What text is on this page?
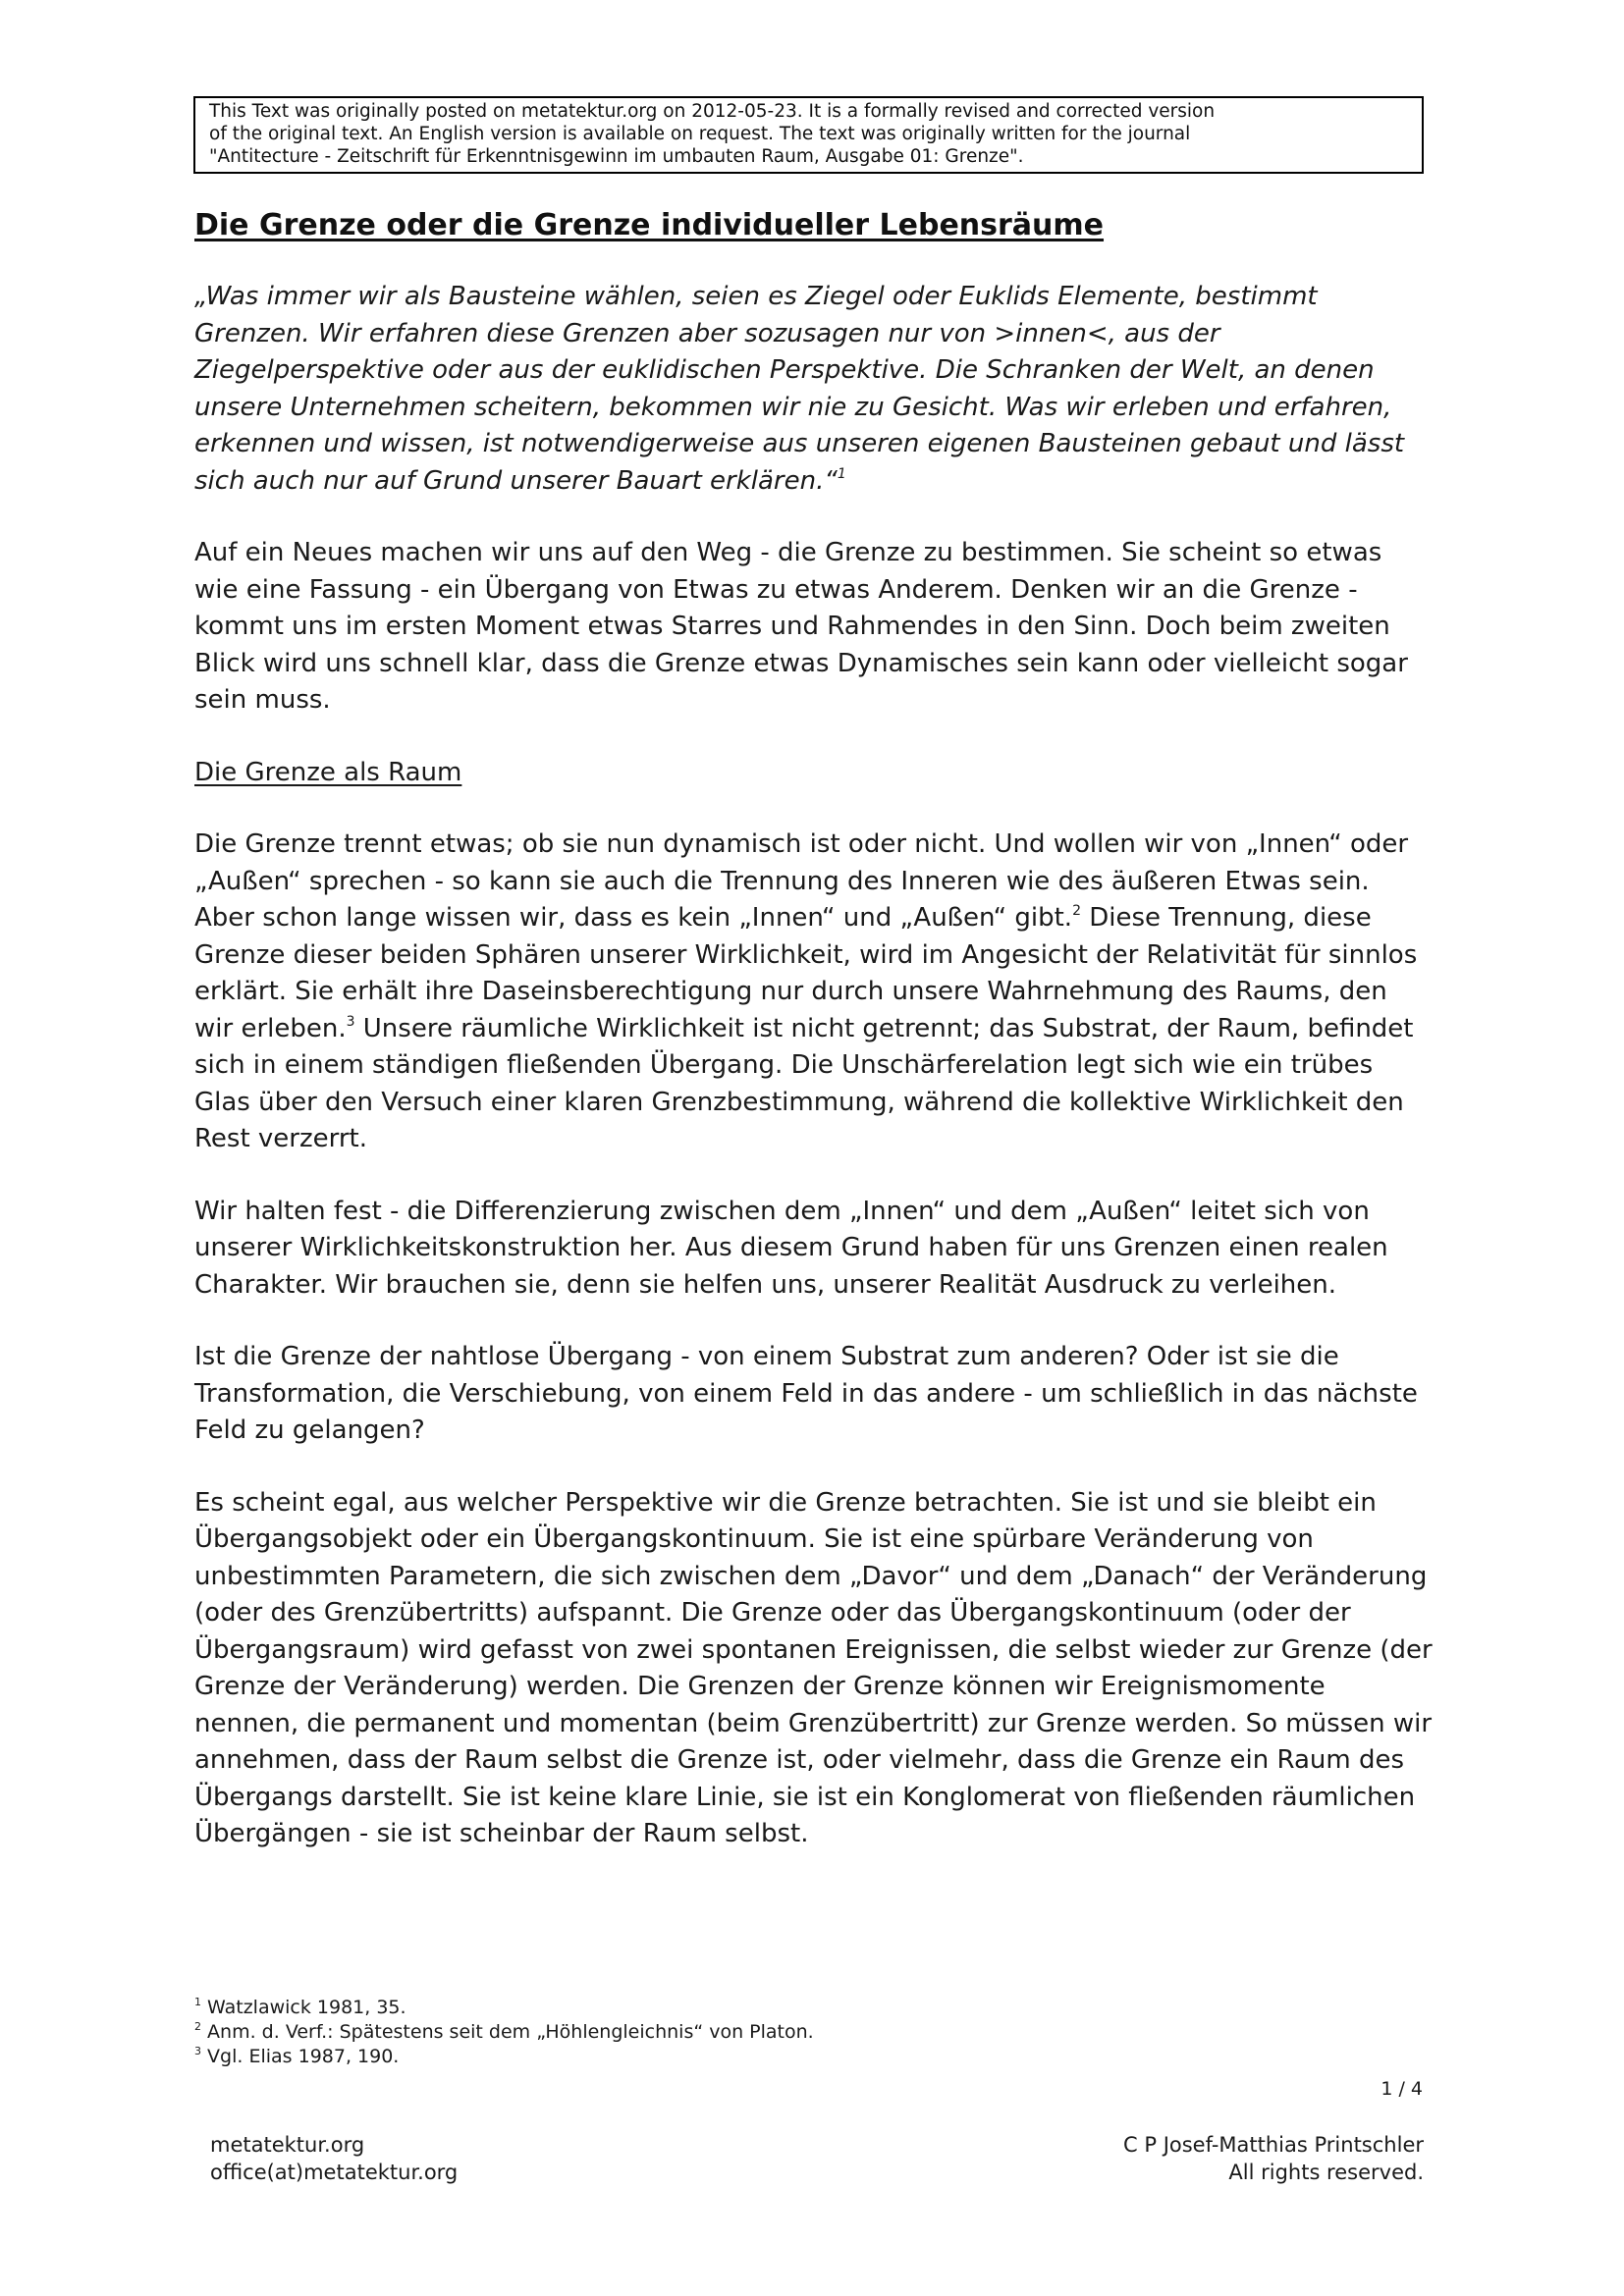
This Text was originally posted on metatektur.org on 2012-05-23. It is a formally revised and corrected version
of the original text. An English version is available on request. The text was originally written for the journal
"Antitecture - Zeitschrift für Erkenntnisgewinn im umbauten Raum, Ausgabe 01: Grenze".
Die Grenze oder die Grenze individueller Lebensräume

„Was immer wir als Bausteine wählen, seien es Ziegel oder Euklids Elemente, bestimmt Grenzen. Wir erfahren diese Grenzen aber sozusagen nur von >innen<, aus der Ziegelperspektive oder aus der euklidischen Perspektive. Die Schranken der Welt, an denen unsere Unternehmen scheitern, bekommen wir nie zu Gesicht. Was wir erleben und erfahren, erkennen und wissen, ist notwendigerweise aus unseren eigenen Bausteinen gebaut und lässt sich auch nur auf Grund unserer Bauart erklären.“$^1$

Auf ein Neues machen wir uns auf den Weg - die Grenze zu bestimmen. Sie scheint so etwas wie eine Fassung - ein Übergang von Etwas zu etwas Anderem. Denken wir an die Grenze - kommt uns im ersten Moment etwas Starres und Rahmendes in den Sinn. Doch beim zweiten Blick wird uns schnell klar, dass die Grenze etwas Dynamisches sein kann oder vielleicht sogar sein muss.

Die Grenze als Raum

Die Grenze trennt etwas; ob sie nun dynamisch ist oder nicht. Und wollen wir von „Innen“ oder „Außen“ sprechen - so kann sie auch die Trennung des Inneren wie des äußeren Etwas sein. Aber schon lange wissen wir, dass es kein „Innen“ und „Außen“ gibt.$^2$ Diese Trennung, diese Grenze dieser beiden Sphären unserer Wirklichkeit, wird im Angesicht der Relativität für sinnlos erklärt. Sie erhält ihre Daseinsberechtigung nur durch unsere Wahrnehmung des Raums, den wir erleben.$^3$ Unsere räumliche Wirklichkeit ist nicht getrennt; das Substrat, der Raum, befindet sich in einem ständigen fließenden Übergang. Die Unschärferelation legt sich wie ein trübes Glas über den Versuch einer klaren Grenzbestimmung, während die kollektive Wirklichkeit den Rest verzerrt.

Wir halten fest - die Differenzierung zwischen dem „Innen“ und dem „Außen“ leitet sich von unserer Wirklichkeitskonstruktion her. Aus diesem Grund haben für uns Grenzen einen realen Charakter. Wir brauchen sie, denn sie helfen uns, unserer Realität Ausdruck zu verleihen.

Ist die Grenze der nahtlose Übergang - von einem Substrat zum anderen? Oder ist sie die Transformation, die Verschiebung, von einem Feld in das andere - um schließlich in das nächste Feld zu gelangen?

Es scheint egal, aus welcher Perspektive wir die Grenze betrachten. Sie ist und sie bleibt ein Übergangsobjekt oder ein Übergangskontinuum. Sie ist eine spürbare Veränderung von unbestimmten Parametern, die sich zwischen dem „Davor“ und dem „Danach“ der Veränderung (oder des Grenzübertritts) aufspannt. Die Grenze oder das Übergangskontinuum (oder der Übergangsraum) wird gefasst von zwei spontanen Ereignissen, die selbst wieder zur Grenze (der Grenze der Veränderung) werden. Die Grenzen der Grenze können wir Ereignismomente nennen, die permanent und momentan (beim Grenzübertritt) zur Grenze werden. So müssen wir annehmen, dass der Raum selbst die Grenze ist, oder vielmehr, dass die Grenze ein Raum des Übergangs darstellt. Sie ist keine klare Linie, sie ist ein Konglomerat von fließenden räumlichen Übergängen - sie ist scheinbar der Raum selbst.

$^1$ Watzlawick 1981, 35.
$^2$ Anm. d. Verf.: Spätestens seit dem „Höhlengleichnis“ von Platon.
$^3$ Vgl. Elias 1987, 190.
1 / 4
metatektur.org
office(at)metatektur.org
C P Josef-Matthias Printschler
All rights reserved.
